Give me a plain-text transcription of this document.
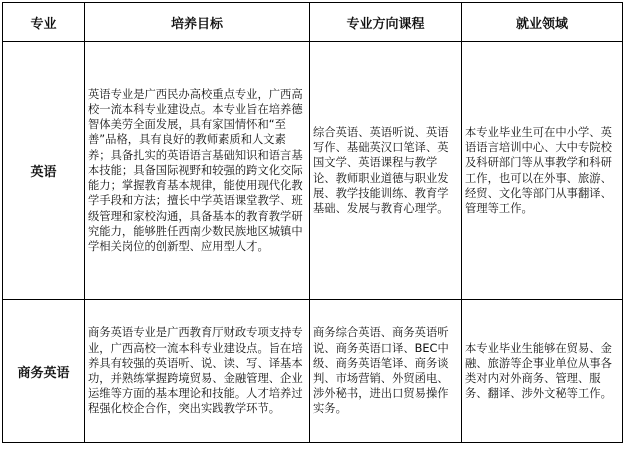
专业	培养目标	专业方向课程	就业领域
英语	英语专业是广西民办高校重点专业，广西高校一流本科专业建设点。本专业旨在培养德智体美劳全面发展，具有家国情怀和“至善”品格，具有良好的教师素质和人文素养；具备扎实的英语语言基础知识和语言基本技能；具备国际视野和较强的跨文化交际能力；掌握教育基本规律，能使用现代化教学手段和方法；擅长中学英语课堂教学、班级管理和家校沟通，具备基本的教育教学研究能力，能够胜任西南少数民族地区城镇中学相关岗位的创新型、应用型人才。	综合英语、英语听说、英语写作、基础英汉口笔译、英国文学、英语课程与教学论、教师职业道德与职业发展、教学技能训练、教育学基础、发展与教育心理学。	本专业毕业生可在中小学、英语语言培训中心、大中专院校及科研部门等从事教学和科研工作，也可以在外事、旅游、经贸、文化等部门从事翻译、管理等工作。
商务英语	商务英语专业是广西教育厅财政专项支持专业，广西高校一流本科专业建设点。旨在培养具有较强的英语听、说、读、写、译基本功，并熟练掌握跨境贸易、金融管理、企业运维等方面的基本理论和技能。人才培养过程强化校企合作，突出实践教学环节。	商务综合英语、商务英语听说、商务英语口译、BEC中级、商务英语笔译、商务谈判、市场营销、外贸函电、涉外秘书，进出口贸易操作实务。	本专业毕业生能够在贸易、金融、旅游等企事业单位从事各类对内对外商务、管理、服务、翻译、涉外文秘等工作。
